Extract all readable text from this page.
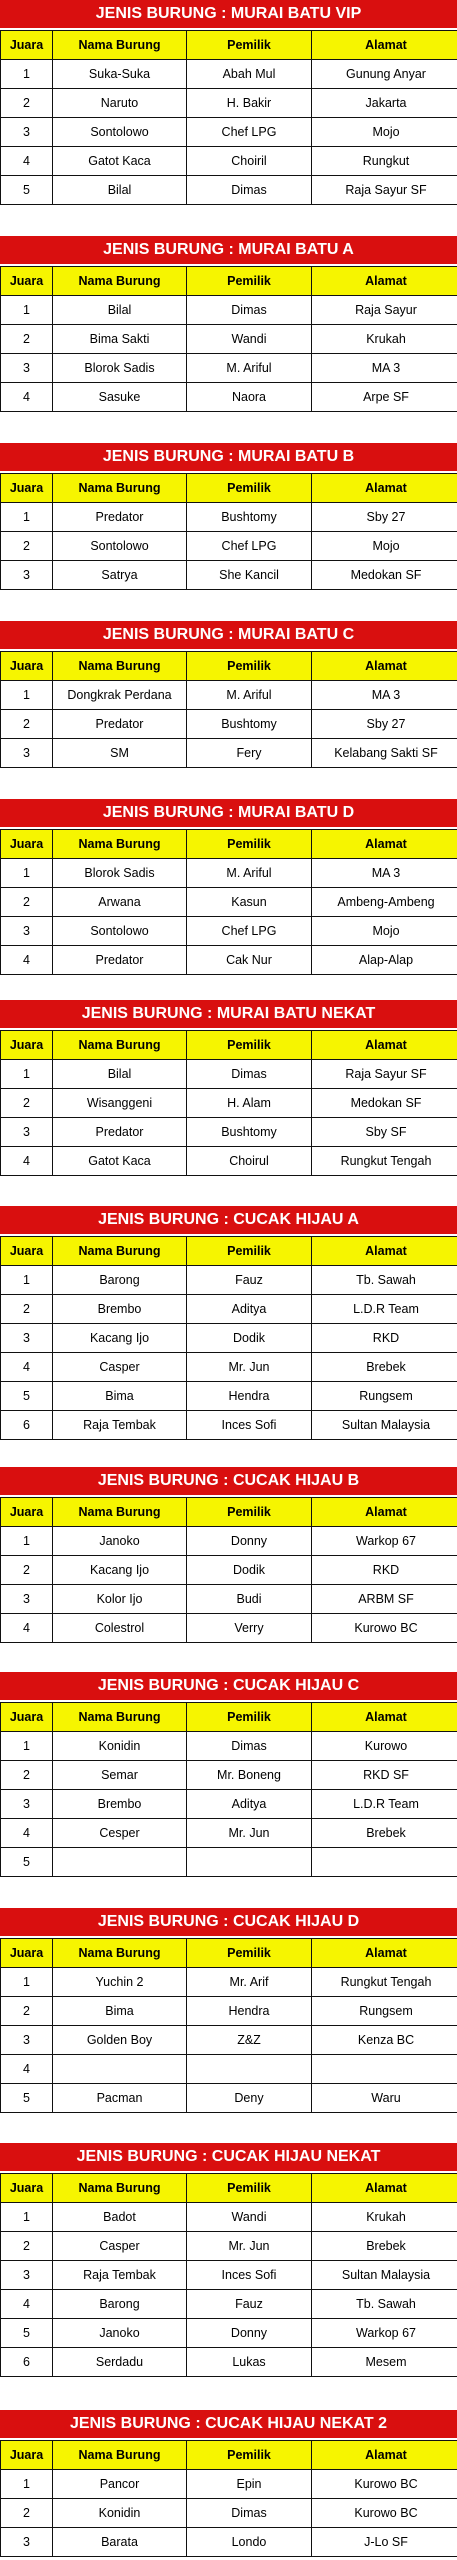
JENIS BURUNG : MURAI BATU VIP
Juara	Nama Burung	Pemilik	Alamat
1	Suka-Suka	Abah Mul	Gunung Anyar
2	Naruto	H. Bakir	Jakarta
3	Sontolowo	Chef LPG	Mojo
4	Gatot Kaca	Choiril	Rungkut
5	Bilal	Dimas	Raja Sayur SF
JENIS BURUNG : MURAI BATU A
Juara	Nama Burung	Pemilik	Alamat
1	Bilal	Dimas	Raja Sayur
2	Bima Sakti	Wandi	Krukah
3	Blorok Sadis	M. Ariful	MA 3
4	Sasuke	Naora	Arpe SF
JENIS BURUNG : MURAI BATU B
Juara	Nama Burung	Pemilik	Alamat
1	Predator	Bushtomy	Sby 27
2	Sontolowo	Chef LPG	Mojo
3	Satrya	She Kancil	Medokan SF
JENIS BURUNG : MURAI BATU C
Juara	Nama Burung	Pemilik	Alamat
1	Dongkrak Perdana	M. Ariful	MA 3
2	Predator	Bushtomy	Sby 27
3	SM	Fery	Kelabang Sakti SF
JENIS BURUNG : MURAI BATU D
Juara	Nama Burung	Pemilik	Alamat
1	Blorok Sadis	M. Ariful	MA 3
2	Arwana	Kasun	Ambeng-Ambeng
3	Sontolowo	Chef LPG	Mojo
4	Predator	Cak Nur	Alap-Alap
JENIS BURUNG : MURAI BATU NEKAT
Juara	Nama Burung	Pemilik	Alamat
1	Bilal	Dimas	Raja Sayur SF
2	Wisanggeni	H. Alam	Medokan SF
3	Predator	Bushtomy	Sby SF
4	Gatot Kaca	Choirul	Rungkut Tengah
JENIS BURUNG : CUCAK HIJAU A
Juara	Nama Burung	Pemilik	Alamat
1	Barong	Fauz	Tb. Sawah
2	Brembo	Aditya	L.D.R Team
3	Kacang Ijo	Dodik	RKD
4	Casper	Mr. Jun	Brebek
5	Bima	Hendra	Rungsem
6	Raja Tembak	Inces Sofi	Sultan Malaysia
JENIS BURUNG : CUCAK HIJAU B
Juara	Nama Burung	Pemilik	Alamat
1	Janoko	Donny	Warkop 67
2	Kacang Ijo	Dodik	RKD
3	Kolor Ijo	Budi	ARBM SF
4	Colestrol	Verry	Kurowo BC
JENIS BURUNG : CUCAK HIJAU C
Juara	Nama Burung	Pemilik	Alamat
1	Konidin	Dimas	Kurowo
2	Semar	Mr. Boneng	RKD SF
3	Brembo	Aditya	L.D.R Team
4	Cesper	Mr. Jun	Brebek
5			
JENIS BURUNG : CUCAK HIJAU D
Juara	Nama Burung	Pemilik	Alamat
1	Yuchin 2	Mr. Arif	Rungkut Tengah
2	Bima	Hendra	Rungsem
3	Golden Boy	Z&Z	Kenza BC
4			
5	Pacman	Deny	Waru
JENIS BURUNG : CUCAK HIJAU NEKAT
Juara	Nama Burung	Pemilik	Alamat
1	Badot	Wandi	Krukah
2	Casper	Mr. Jun	Brebek
3	Raja Tembak	Inces Sofi	Sultan Malaysia
4	Barong	Fauz	Tb. Sawah
5	Janoko	Donny	Warkop 67
6	Serdadu	Lukas	Mesem
JENIS BURUNG : CUCAK HIJAU NEKAT 2
Juara	Nama Burung	Pemilik	Alamat
1	Pancor	Epin	Kurowo BC
2	Konidin	Dimas	Kurowo BC
3	Barata	Londo	J-Lo SF
